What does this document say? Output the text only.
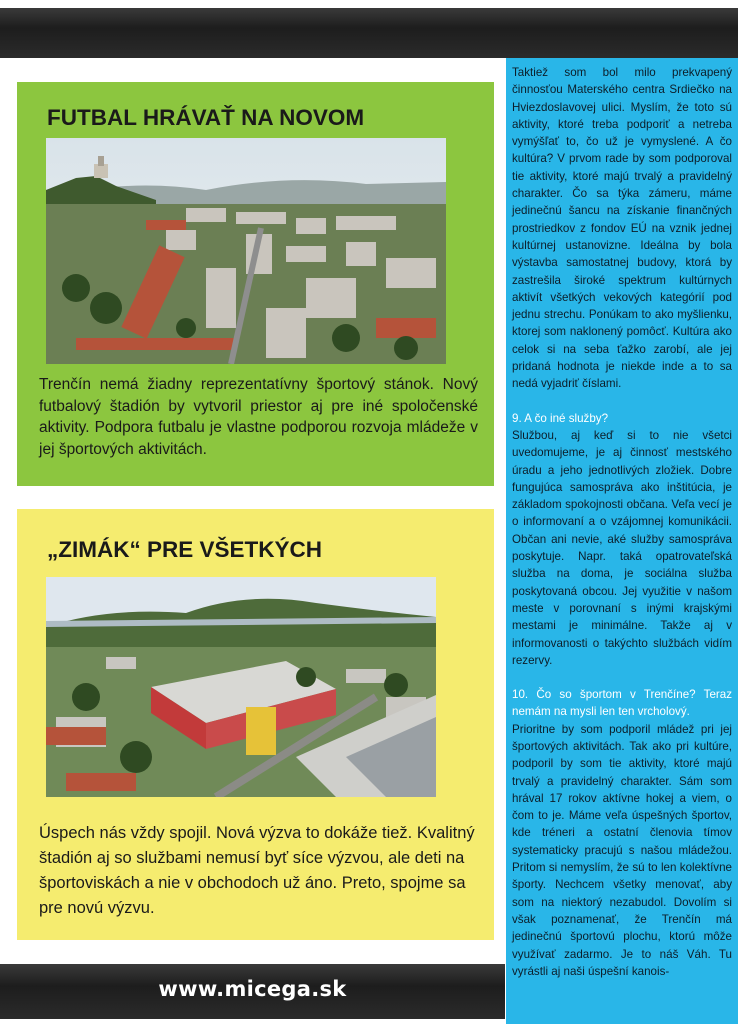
FUTBAL HRÁVAŤ NA NOVOM

Trenčín nemá žiadny reprezentatívny športový stánok. Nový futbalový štadión by vytvoril priestor aj pre iné spoločenské aktivity. Podpora futbalu je vlastne podporou rozvoja mládeže v jej športových aktivitách.

„ZIMÁK“ PRE VŠETKÝCH

Úspech nás vždy spojil. Nová výzva to dokáže tiež. Kvalitný štadión aj so službami nemusí byť síce výzvou, ale deti na športoviskách a nie v obchodoch už áno. Preto, spojme sa pre novú výzvu.

Taktiež som bol milo prekvapený činnosťou Materského centra Srdiečko na Hviezdoslavovej ulici. Myslím, že toto sú aktivity, ktoré treba podporiť a netreba vymýšľať to, čo už je vymyslené. A čo kultúra? V prvom rade by som podporoval tie aktivity, ktoré majú trvalý a pravidelný charakter. Čo sa týka zámeru, máme jedinečnú šancu na získanie finančných prostriedkov z fondov EÚ na vznik jednej kultúrnej ustanovizne. Ideálna by bola výstavba samostatnej budovy, ktorá by zastrešila široké spektrum kultúrnych aktivít všetkých vekových kategórií pod jednu strechu. Ponúkam to ako myšlienku, ktorej som naklonený pomôcť. Kultúra ako celok si na seba ťažko zarobí, ale jej pridaná hodnota je niekde inde a to sa nedá vyjadriť číslami.

9. A čo iné služby?

Službou, aj keď si to nie všetci uvedomujeme, je aj činnosť mestského úradu a jeho jednotlivých zložiek. Dobre fungujúca samospráva ako inštitúcia, je základom spokojnosti občana. Veľa vecí je o informovaní a o vzájomnej komunikácii. Občan ani nevie, aké služby samospráva poskytuje. Napr. taká opatrovateľská služba na doma, je sociálna služba poskytovaná obcou. Jej využitie v našom meste v porovnaní s inými krajskými mestami je minimálne. Takže aj v informovanosti o takýchto službách vidím rezervy.

10. Čo so športom v Trenčíne? Teraz nemám na mysli len ten vrcholový.

Prioritne by som podporil mládež pri jej športových aktivitách. Tak ako pri kultúre, podporil by som tie aktivity, ktoré majú trvalý a pravidelný charakter. Sám som hrával 17 rokov aktívne hokej a viem, o čom to je. Máme veľa úspešných športov, kde tréneri a ostatní členovia tímov systematicky pracujú s našou mládežou. Pritom si nemyslím, že sú to len kolektívne športy. Nechcem všetky menovať, aby som na niektorý nezabudol. Dovolím si však poznamenať, že Trenčín má jedinečnú športovú plochu, ktorú môže využívať zadarmo. Je to náš Váh. Tu vyrástli aj naši úspešní kanois-

www.micega.sk
